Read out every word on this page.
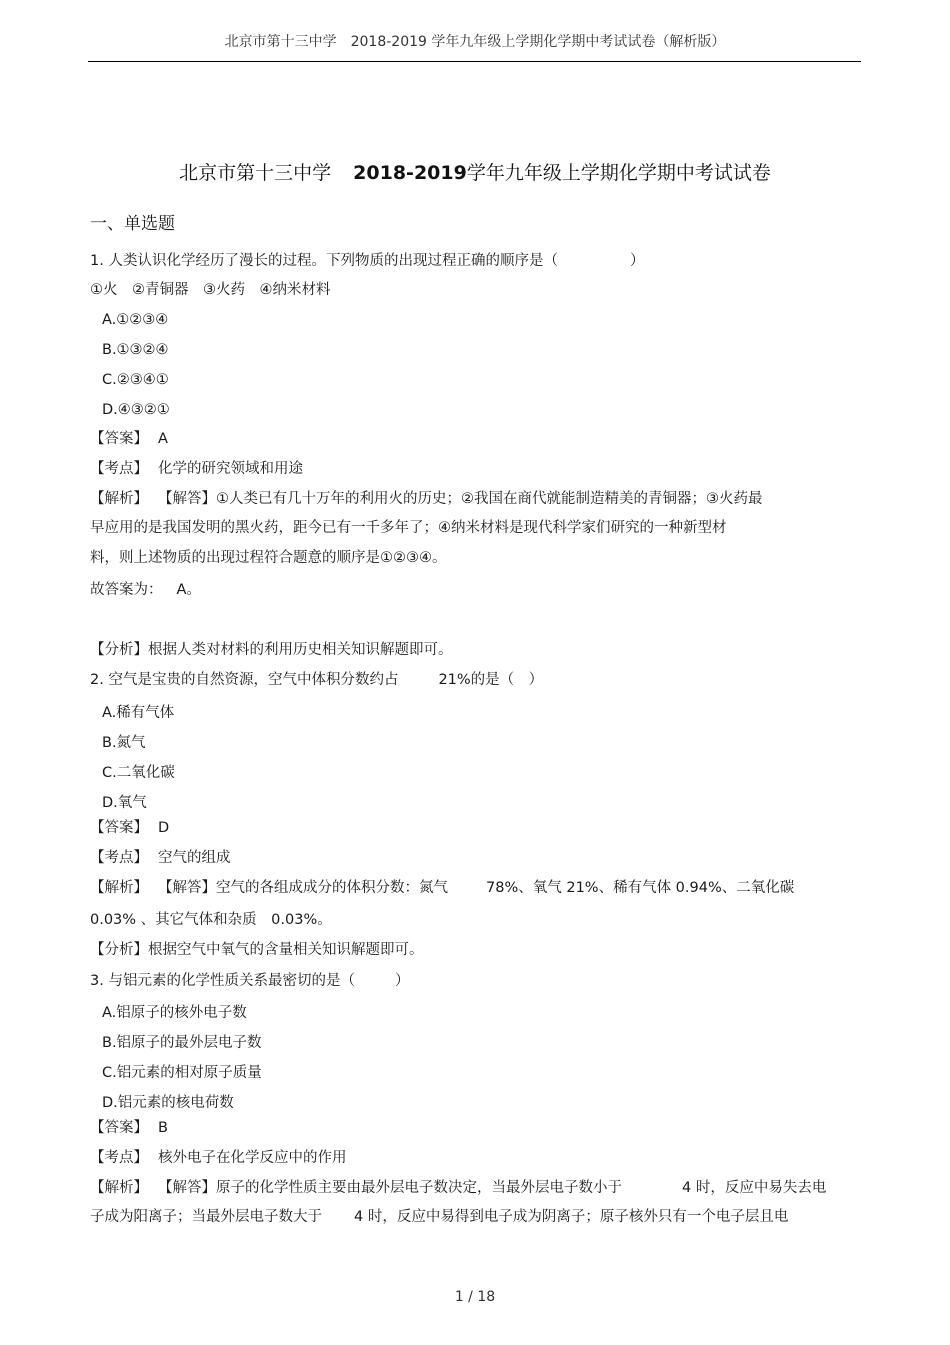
北京市第十三中学　2018-2019 学年九年级上学期化学期中考试试卷（解析版）
北京市第十三中学 2018-2019学年九年级上学期化学期中考试试卷
一、单选题
1. 人类认识化学经历了漫长的过程。下列物质的出现过程正确的顺序是（	）
①火　②青铜器　③火药　④纳米材料
A.①②③④
B.①③②④
C.②③④①
D.④③②①
【答案】 A
【考点】 化学的研究领域和用途
【解析】 【解答】①人类已有几十万年的利用火的历史；②我国在商代就能制造精美的青铜器；③火药最
早应用的是我国发明的黑火药，距今已有一千多年了；④纳米材料是现代科学家们研究的一种新型材
料，则上述物质的出现过程符合题意的顺序是①②③④。
故答案为： A。
【分析】根据人类对材料的利用历史相关知识解题即可。
2. 空气是宝贵的自然资源，空气中体积分数约占	21%的是（　）
A.稀有气体
B.氮气
C.二氧化碳
D.氧气
【答案】 D
【考点】 空气的组成
【解析】 【解答】空气的各组成成分的体积分数：氮气	78%、氧气 21%、稀有气体 0.94%、二氧化碳
0.03% 、其它气体和杂质　0.03%。
【分析】根据空气中氧气的含量相关知识解题即可。
3. 与铝元素的化学性质关系最密切的是（	）
A.铝原子的核外电子数
B.铝原子的最外层电子数
C.铝元素的相对原子质量
D.铝元素的核电荷数
【答案】 B
【考点】 核外电子在化学反应中的作用
【解析】 【解答】原子的化学性质主要由最外层电子数决定，当最外层电子数小于	4 时，反应中易失去电
子成为阳离子；当最外层电子数大于 4 时，反应中易得到电子成为阴离子；原子核外只有一个电子层且电
1 / 18
